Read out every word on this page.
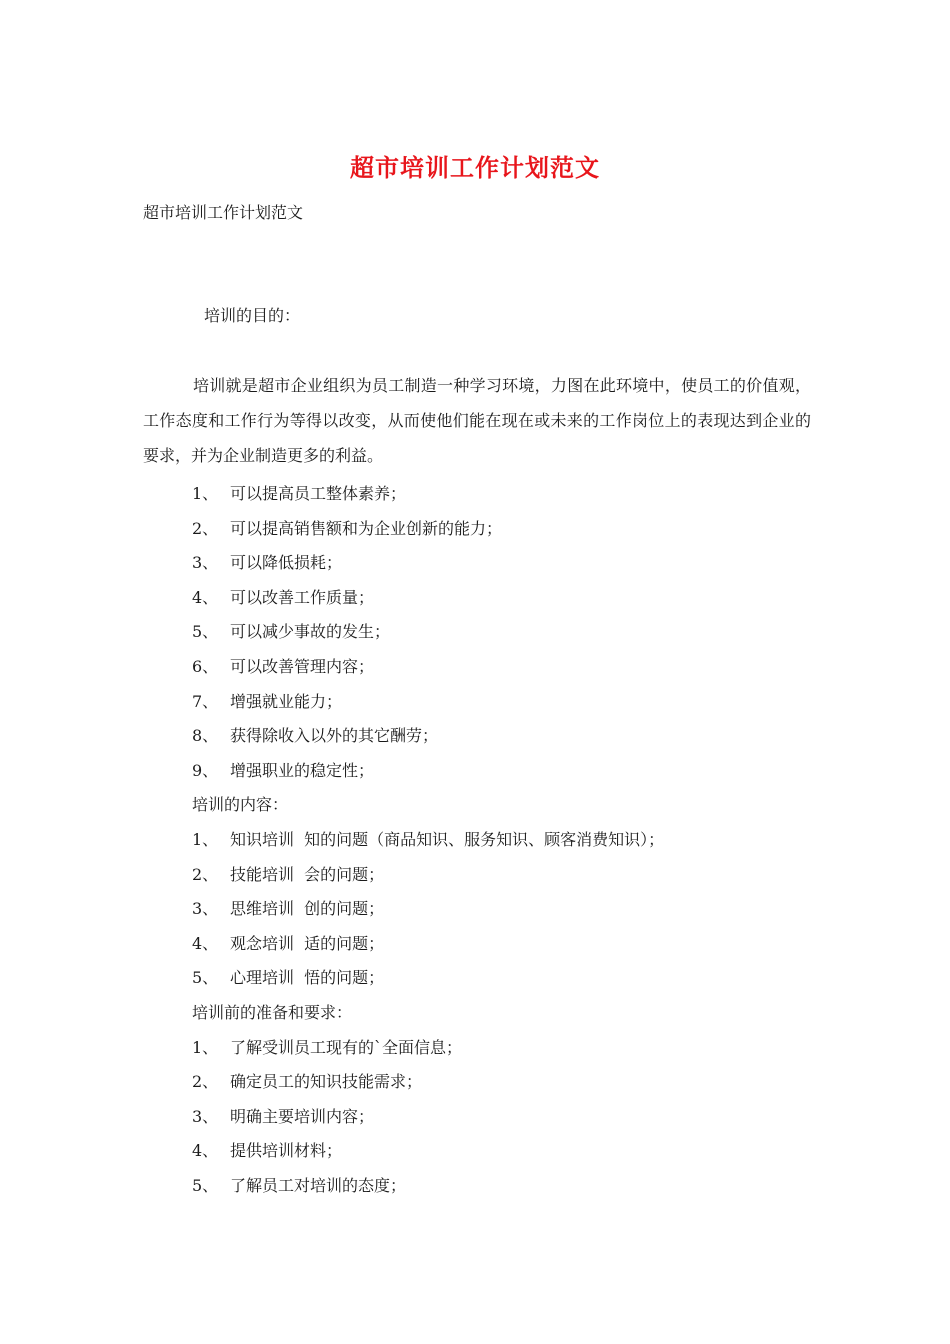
超市培训工作计划范文
超市培训工作计划范文
培训的目的：
培训就是超市企业组织为员工制造一种学习环境，力图在此环境中，使员工的价值观，工作态度和工作行为等得以改变，从而使他们能在现在或未来的工作岗位上的表现达到企业的要求，并为企业制造更多的利益。
1、 可以提高员工整体素养；
2、 可以提高销售额和为企业创新的能力；
3、 可以降低损耗；
4、 可以改善工作质量；
5、 可以减少事故的发生；
6、 可以改善管理内容；
7、 增强就业能力；
8、 获得除收入以外的其它酬劳；
9、 增强职业的稳定性；
培训的内容：
1、 知识培训  知的问题（商品知识、服务知识、顾客消费知识）；
2、 技能培训  会的问题；
3、 思维培训  创的问题；
4、 观念培训  适的问题；
5、 心理培训  悟的问题；
培训前的准备和要求：
1、 了解受训员工现有的`全面信息；
2、 确定员工的知识技能需求；
3、 明确主要培训内容；
4、 提供培训材料；
5、 了解员工对培训的态度；
